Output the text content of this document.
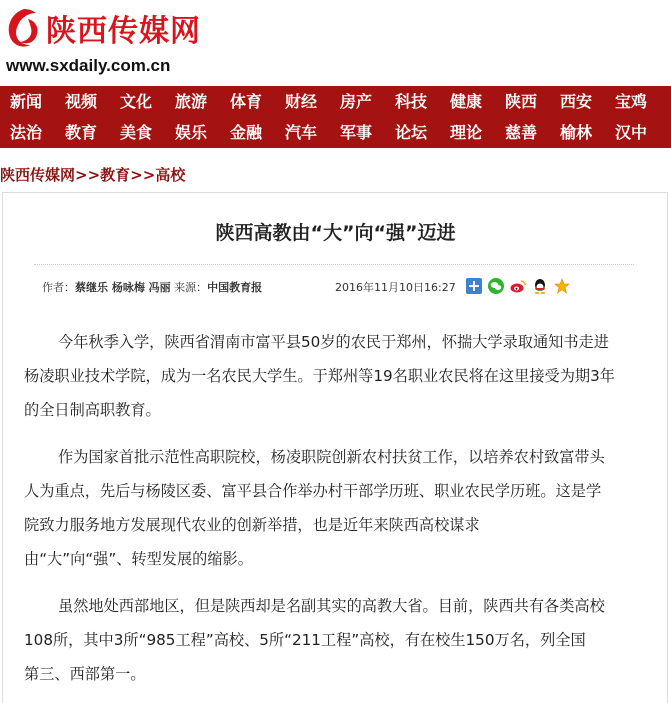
陕西传媒网
www.sxdaily.com.cn
新闻 视频 文化 旅游 体育 财经 房产 科技 健康 陕西 西安 宝鸡
法治 教育 美食 娱乐 金融 汽车 军事 论坛 理论 慈善 榆林 汉中
陕西传媒网>>教育>>高校
陕西高教由“大”向“强”迈进
作者：蔡继乐 杨咏梅 冯丽 来源：中国教育报	2016年11月10日16:27
今年秋季入学，陕西省渭南市富平县50岁的农民于郑州，怀揣大学录取通知书走进
杨凌职业技术学院，成为一名农民大学生。于郑州等19名职业农民将在这里接受为期3年
的全日制高职教育。
作为国家首批示范性高职院校，杨凌职院创新农村扶贫工作，以培养农村致富带头
人为重点，先后与杨陵区委、富平县合作举办村干部学历班、职业农民学历班。这是学
院致力服务地方发展现代农业的创新举措，也是近年来陕西高校谋求
由“大”向“强”、转型发展的缩影。
虽然地处西部地区，但是陕西却是名副其实的高教大省。目前，陕西共有各类高校
108所，其中3所“985工程”高校、5所“211工程”高校，有在校生150万名，列全国
第三、西部第一。
